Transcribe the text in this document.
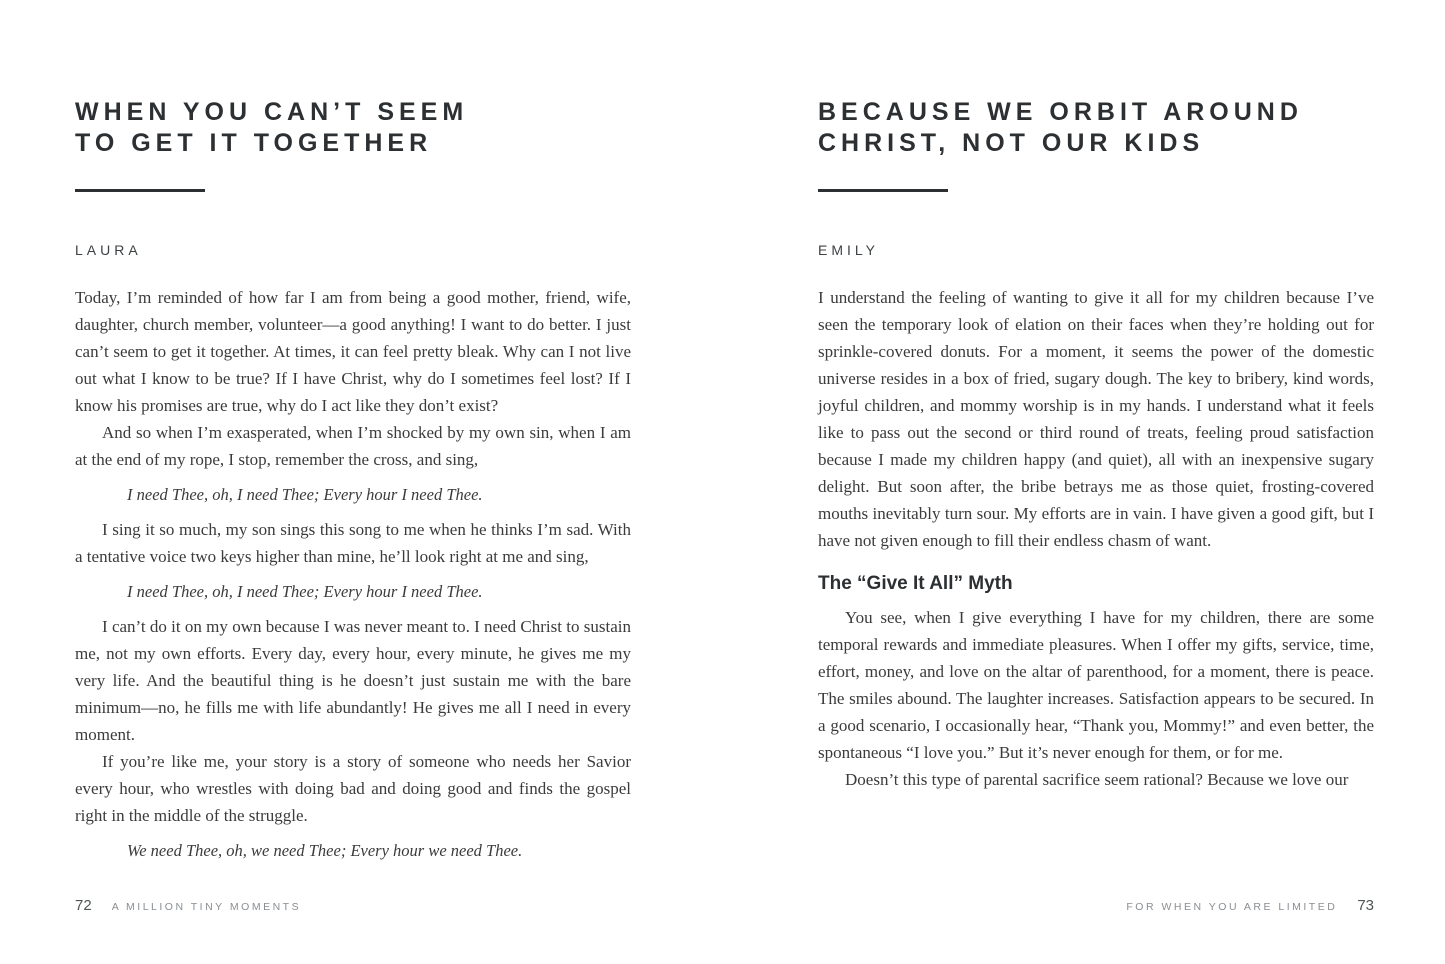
WHEN YOU CAN’T SEEM
TO GET IT TOGETHER
LAURA

Today, I’m reminded of how far I am from being a good mother, friend, wife, daughter, church member, volunteer—a good anything! I want to do better. I just can’t seem to get it together. At times, it can feel pretty bleak. Why can I not live out what I know to be true? If I have Christ, why do I sometimes feel lost? If I know his promises are true, why do I act like they don’t exist?

And so when I’m exasperated, when I’m shocked by my own sin, when I am at the end of my rope, I stop, remember the cross, and sing,

I need Thee, oh, I need Thee; Every hour I need Thee.

I sing it so much, my son sings this song to me when he thinks I’m sad. With a tentative voice two keys higher than mine, he’ll look right at me and sing,

I need Thee, oh, I need Thee; Every hour I need Thee.

I can’t do it on my own because I was never meant to. I need Christ to sustain me, not my own efforts. Every day, every hour, every minute, he gives me my very life. And the beautiful thing is he doesn’t just sustain me with the bare minimum—no, he fills me with life abundantly! He gives me all I need in every moment.

If you’re like me, your story is a story of someone who needs her Savior every hour, who wrestles with doing bad and doing good and finds the gospel right in the middle of the struggle.

We need Thee, oh, we need Thee; Every hour we need Thee.

72 A MILLION TINY MOMENTS
BECAUSE WE ORBIT AROUND
CHRIST, NOT OUR KIDS
EMILY

I understand the feeling of wanting to give it all for my children because I’ve seen the temporary look of elation on their faces when they’re holding out for sprinkle-covered donuts. For a moment, it seems the power of the domestic universe resides in a box of fried, sugary dough. The key to bribery, kind words, joyful children, and mommy worship is in my hands. I understand what it feels like to pass out the second or third round of treats, feeling proud satisfaction because I made my children happy (and quiet), all with an inexpensive sugary delight. But soon after, the bribe betrays me as those quiet, frosting-covered mouths inevitably turn sour. My efforts are in vain. I have given a good gift, but I have not given enough to fill their endless chasm of want.

The “Give It All” Myth

You see, when I give everything I have for my children, there are some temporal rewards and immediate pleasures. When I offer my gifts, service, time, effort, money, and love on the altar of parenthood, for a moment, there is peace. The smiles abound. The laughter increases. Satisfaction appears to be secured. In a good scenario, I occasionally hear, “Thank you, Mommy!” and even better, the spontaneous “I love you.” But it’s never enough for them, or for me.

Doesn’t this type of parental sacrifice seem rational? Because we love our

FOR WHEN YOU ARE LIMITED 73
